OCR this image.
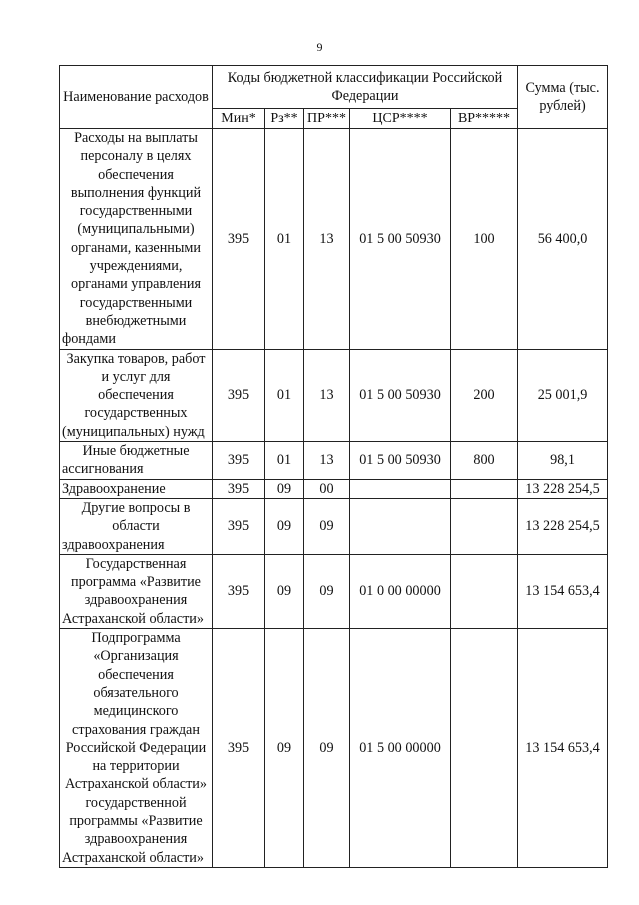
9
Наименование расходов	Коды бюджетной классификации Российской Федерации					Сумма (тыс. рублей)
	Мин*	Рз**	ПР***	ЦСР****	ВР*****	
Расходы на выплаты персоналу в целях обеспечения выполнения функций государственными (муниципальными) органами, казенными учреждениями, органами управления государственными внебюджетными фондами	395	01	13	01 5 00 50930	100	56 400,0
Закупка товаров, работ и услуг для обеспечения государственных (муниципальных) нужд	395	01	13	01 5 00 50930	200	25 001,9
Иные бюджетные ассигнования	395	01	13	01 5 00 50930	800	98,1
Здравоохранение	395	09	00			13 228 254,5
Другие вопросы в области здравоохранения	395	09	09			13 228 254,5
Государственная программа «Развитие здравоохранения Астраханской области»	395	09	09	01 0 00 00000		13 154 653,4
Подпрограмма «Организация обеспечения обязательного медицинского страхования граждан Российской Федерации на территории Астраханской области» государственной программы «Развитие здравоохранения Астраханской области»	395	09	09	01 5 00 00000		13 154 653,4
